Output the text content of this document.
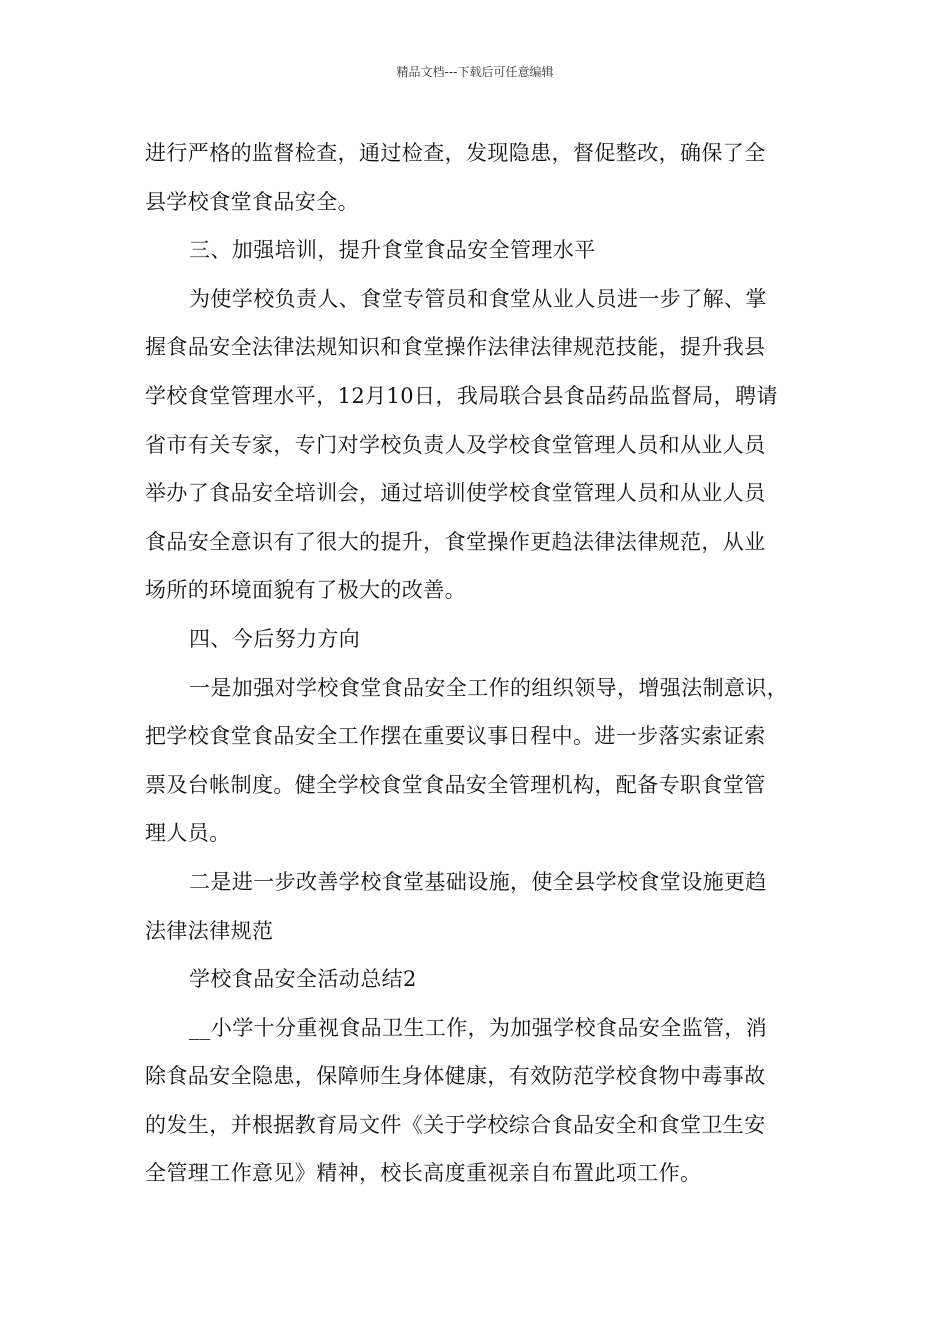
精品文档---下载后可任意编辑
进行严格的监督检查，通过检查，发现隐患，督促整改，确保了全
县学校食堂食品安全。
三、加强培训，提升食堂食品安全管理水平
为使学校负责人、食堂专管员和食堂从业人员进一步了解、掌
握食品安全法律法规知识和食堂操作法律法律规范技能，提升我县
学校食堂管理水平，12月10日，我局联合县食品药品监督局，聘请
省市有关专家，专门对学校负责人及学校食堂管理人员和从业人员
举办了食品安全培训会，通过培训使学校食堂管理人员和从业人员
食品安全意识有了很大的提升，食堂操作更趋法律法律规范，从业
场所的环境面貌有了极大的改善。
四、今后努力方向
一是加强对学校食堂食品安全工作的组织领导，增强法制意识，
把学校食堂食品安全工作摆在重要议事日程中。进一步落实索证索
票及台帐制度。健全学校食堂食品安全管理机构，配备专职食堂管
理人员。
二是进一步改善学校食堂基础设施，使全县学校食堂设施更趋
法律法律规范
学校食品安全活动总结2
__小学十分重视食品卫生工作，为加强学校食品安全监管，消
除食品安全隐患，保障师生身体健康，有效防范学校食物中毒事故
的发生，并根据教育局文件《关于学校综合食品安全和食堂卫生安
全管理工作意见》精神，校长高度重视亲自布置此项工作。
